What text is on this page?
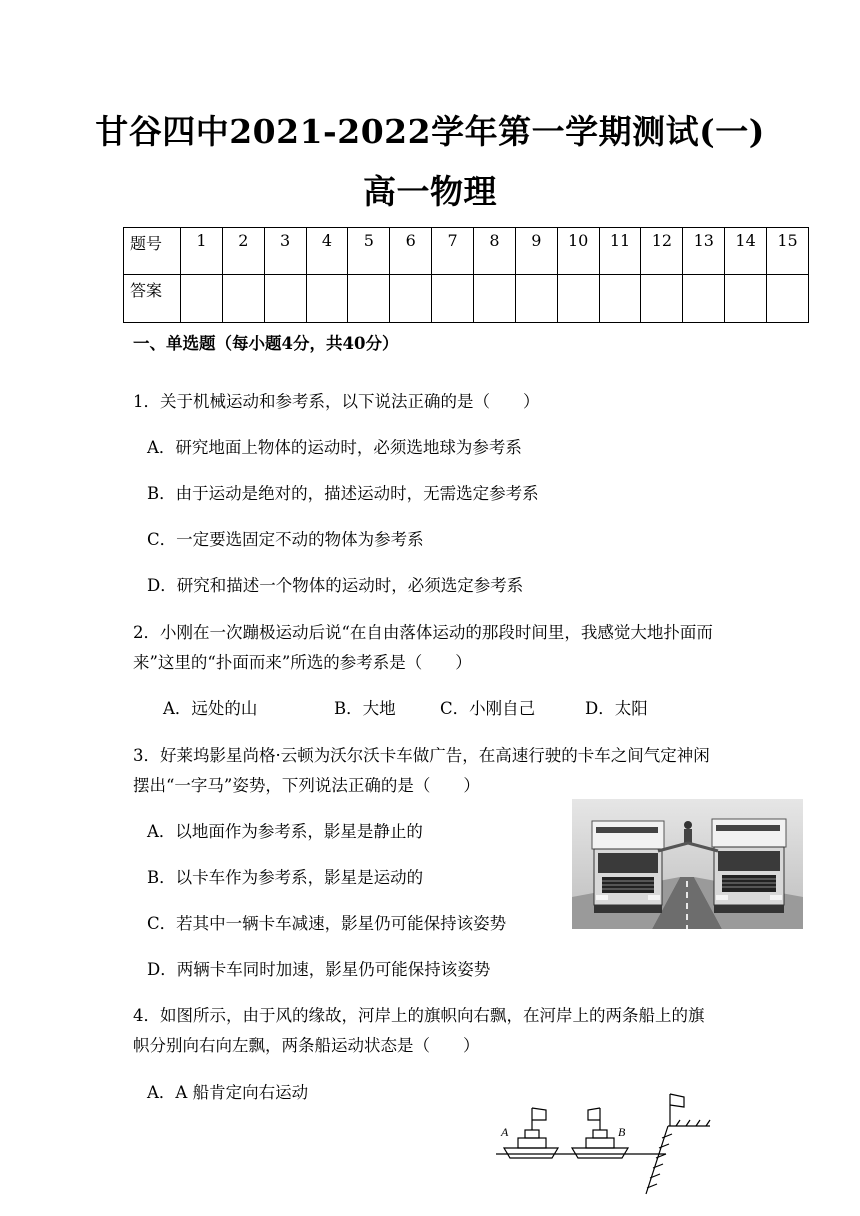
甘谷四中2021-2022学年第一学期测试(一)
高一物理
题号	1	2	3	4	5	6	7	8	9	10	11	12	13	14	15
答案															
一、单选题（每小题4分，共40分）
1．关于机械运动和参考系，以下说法正确的是（　　）
A．研究地面上物体的运动时，必须选地球为参考系
B．由于运动是绝对的，描述运动时，无需选定参考系
C．一定要选固定不动的物体为参考系
D．研究和描述一个物体的运动时，必须选定参考系
2．小刚在一次蹦极运动后说“在自由落体运动的那段时间里，我感觉大地扑面而
来”这里的“扑面而来”所选的参考系是（　　）
A．远处的山	B．大地	C．小刚自己	D．太阳
3．好莱坞影星尚格·云顿为沃尔沃卡车做广告，在高速行驶的卡车之间气定神闲
摆出“一字马”姿势，下列说法正确的是（　　）
A．以地面作为参考系，影星是静止的
B．以卡车作为参考系，影星是运动的
C．若其中一辆卡车减速，影星仍可能保持该姿势
D．两辆卡车同时加速，影星仍可能保持该姿势
4．如图所示，由于风的缘故，河岸上的旗帜向右飘，在河岸上的两条船上的旗
帜分别向右向左飘，两条船运动状态是（　　）
A．A 船肯定向右运动
A	B
